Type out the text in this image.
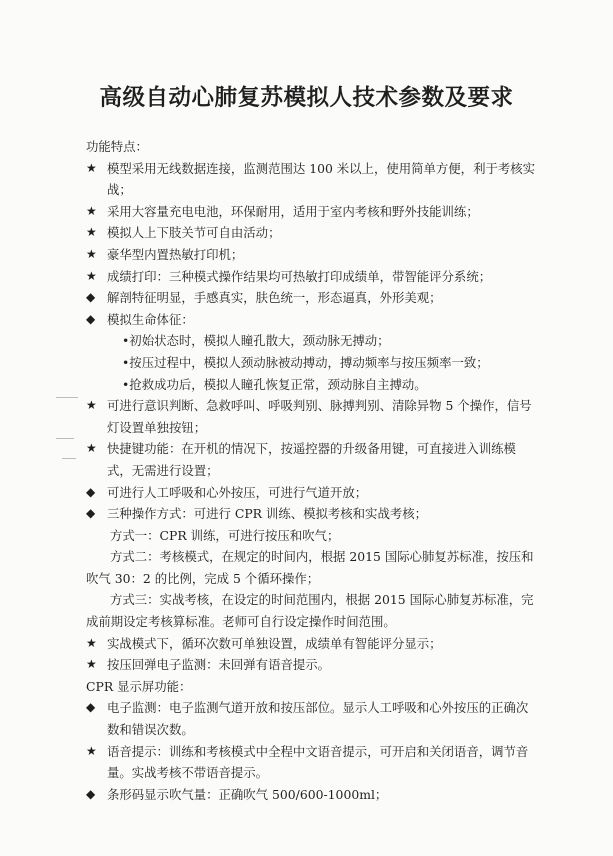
高级自动心肺复苏模拟人技术参数及要求
功能特点：
★ 模型采用无线数据连接，监测范围达 100 米以上，使用简单方便，利于考核实战；
★ 采用大容量充电电池，环保耐用，适用于室内考核和野外技能训练；
★ 模拟人上下肢关节可自由活动；
★ 豪华型内置热敏打印机；
★ 成绩打印：三种模式操作结果均可热敏打印成绩单，带智能评分系统；
◆ 解剖特征明显，手感真实，肤色统一，形态逼真，外形美观；
◆ 模拟生命体征：
•初始状态时，模拟人瞳孔散大，颈动脉无搏动；
•按压过程中，模拟人颈动脉被动搏动，搏动频率与按压频率一致；
•抢救成功后，模拟人瞳孔恢复正常，颈动脉自主搏动。
★ 可进行意识判断、急救呼叫、呼吸判别、脉搏判别、清除异物 5 个操作，信号灯设置单独按钮；
★ 快捷键功能：在开机的情况下，按遥控器的升级备用键，可直接进入训练模式，无需进行设置；
◆ 可进行人工呼吸和心外按压，可进行气道开放；
◆ 三种操作方式：可进行 CPR 训练、模拟考核和实战考核；
方式一：CPR 训练，可进行按压和吹气；
方式二：考核模式，在规定的时间内，根据 2015 国际心肺复苏标准，按压和吹气 30：2 的比例，完成 5 个循环操作；
方式三：实战考核，在设定的时间范围内，根据 2015 国际心肺复苏标准，完成前期设定考核算标准。老师可自行设定操作时间范围。
★ 实战模式下，循环次数可单独设置，成绩单有智能评分显示；
★ 按压回弹电子监测：未回弹有语音提示。
CPR 显示屏功能：
◆ 电子监测：电子监测气道开放和按压部位。显示人工呼吸和心外按压的正确次数和错误次数。
★ 语音提示：训练和考核模式中全程中文语音提示，可开启和关闭语音，调节音量。实战考核不带语音提示。
◆ 条形码显示吹气量：正确吹气 500/600-1000ml；
